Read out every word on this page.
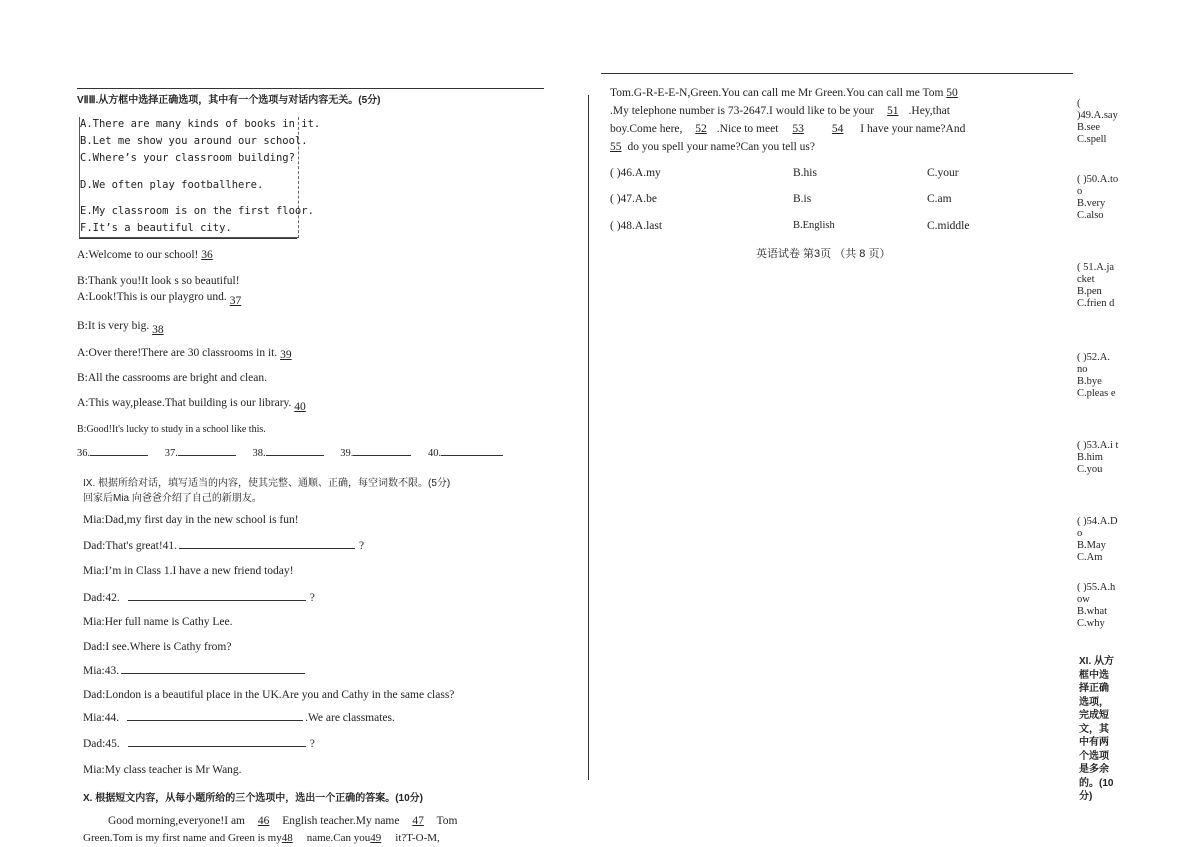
VⅡⅢ.从方框中选择正确选项，其中有一个选项与对话内容无关。(5分)
A.There are many kinds of books in it.
B.Let me show you around our school.
C.Where’s your classroom building?
D.We often play footballhere.
E.My classroom is on the first floor.
F.It’s a beautiful city.
A:Welcome to our school! 36
B:Thank you!It look s so beautiful!
A:Look!This is our playgro und. 37
B:It is very big. 38
A:Over there!There are 30 classrooms in it. 39
B:All the cassrooms are bright and clean.
A:This way,please.That building is our library. 40
B:Good!It's lucky to study in a school like this.
36.	37.	38.	39.	40.
IX. 根据所给对话，填写适当的内容，使其完整、通顺、正确，每空词数不限。(5分)
回家后Mia 向爸爸介绍了自己的新朋友。
Mia:Dad,my first day in the new school is fun!
Dad:That's great!41.	?
Mia:I’m in Class 1.I have a new friend today!
Dad:42.	?
Mia:Her full name is Cathy Lee.
Dad:I see.Where is Cathy from?
Mia:43.
Dad:London is a beautiful place in the UK.Are you and Cathy in the same class?
Mia:44.	.We are classmates.
Dad:45.	?
Mia:My class teacher is Mr Wang.
X. 根据短文内容，从每小题所给的三个选项中，选出一个正确的答案。(10分)
Good morning,everyone!I am 46 English teacher.My name 47 Tom
Green.Tom is my first name and Green is my48 name.Can you49 it?T-O-M,
Tom.G-R-E-E-N,Green.You can call me Mr Green.You can call me Tom 50
.My telephone number is 73-2647.I would like to be your 51 .Hey,that
boy.Come here, 52 .Nice to meet 53 54 I have your name?And
55 do you spell your name?Can you tell us?
( )46.A.my	B.his	C.your
( )47.A.be	B.is	C.am
( )48.A.last	B.English	C.middle
英语试卷 第3页 （共 8 页）
( )49.A.say
B.see
C.spell
( )50.A.to o
B.very
C.also
( 51.A.ja cket
B.pen
C.frien d
( )52.A. no
B.bye
C.pleas e
( )53.A.i t
B.him
C.you
( )54.A.D o
B.May
C.Am
( )55.A.h ow
B.what
C.why
XI. 从方框中选择正确选项，完成短文，其中有两个选项是多余的。(10分)
